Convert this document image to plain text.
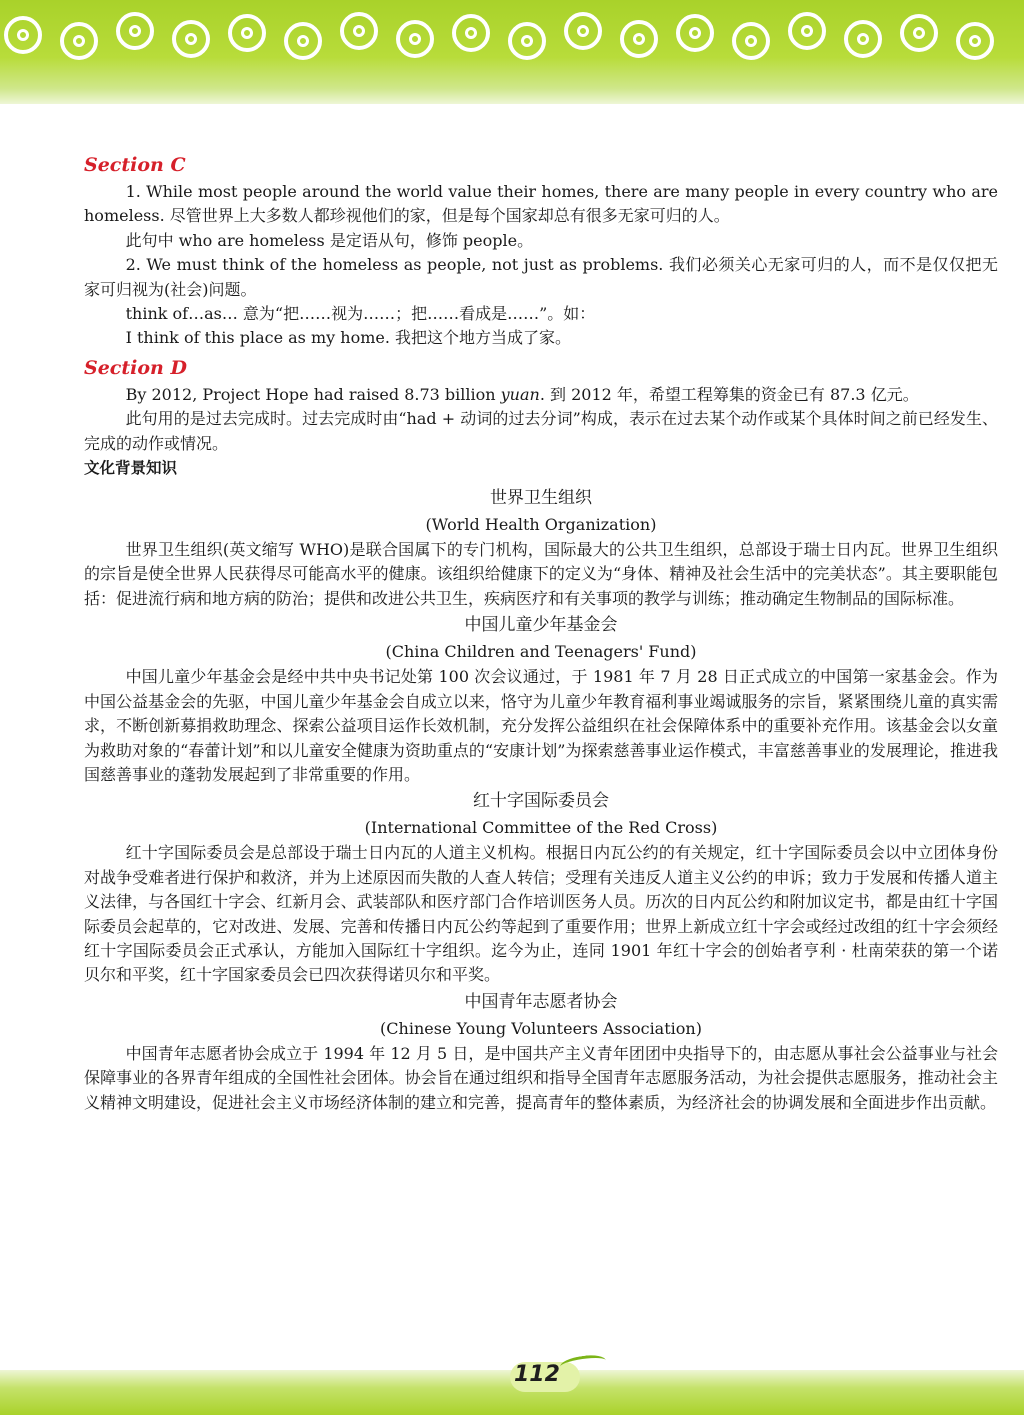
Section C

1. While most people around the world value their homes, there are many people in every country who are homeless. 尽管世界上大多数人都珍视他们的家，但是每个国家却总有很多无家可归的人。

此句中 who are homeless 是定语从句，修饰 people。

2. We must think of the homeless as people, not just as problems. 我们必须关心无家可归的人，而不是仅仅把无家可归视为(社会)问题。

think of…as… 意为“把……视为……；把……看成是……”。如：

I think of this place as my home. 我把这个地方当成了家。

Section D

By 2012, Project Hope had raised 8.73 billion yuan. 到 2012 年，希望工程筹集的资金已有 87.3 亿元。

此句用的是过去完成时。过去完成时由“had + 动词的过去分词”构成，表示在过去某个动作或某个具体时间之前已经发生、完成的动作或情况。

文化背景知识
世界卫生组织
(World Health Organization)

世界卫生组织(英文缩写 WHO)是联合国属下的专门机构，国际最大的公共卫生组织，总部设于瑞士日内瓦。世界卫生组织的宗旨是使全世界人民获得尽可能高水平的健康。该组织给健康下的定义为“身体、精神及社会生活中的完美状态”。其主要职能包括：促进流行病和地方病的防治；提供和改进公共卫生，疾病医疗和有关事项的教学与训练；推动确定生物制品的国际标准。

中国儿童少年基金会
(China Children and Teenagers' Fund)

中国儿童少年基金会是经中共中央书记处第 100 次会议通过，于 1981 年 7 月 28 日正式成立的中国第一家基金会。作为中国公益基金会的先驱，中国儿童少年基金会自成立以来，恪守为儿童少年教育福利事业竭诚服务的宗旨，紧紧围绕儿童的真实需求，不断创新募捐救助理念、探索公益项目运作长效机制，充分发挥公益组织在社会保障体系中的重要补充作用。该基金会以女童为救助对象的“春蕾计划”和以儿童安全健康为资助重点的“安康计划”为探索慈善事业运作模式，丰富慈善事业的发展理论，推进我国慈善事业的蓬勃发展起到了非常重要的作用。

红十字国际委员会
(International Committee of the Red Cross)

红十字国际委员会是总部设于瑞士日内瓦的人道主义机构。根据日内瓦公约的有关规定，红十字国际委员会以中立团体身份对战争受难者进行保护和救济，并为上述原因而失散的人查人转信；受理有关违反人道主义公约的申诉；致力于发展和传播人道主义法律，与各国红十字会、红新月会、武装部队和医疗部门合作培训医务人员。历次的日内瓦公约和附加议定书，都是由红十字国际委员会起草的，它对改进、发展、完善和传播日内瓦公约等起到了重要作用；世界上新成立红十字会或经过改组的红十字会须经红十字国际委员会正式承认，方能加入国际红十字组织。迄今为止，连同 1901 年红十字会的创始者亨利 · 杜南荣获的第一个诺贝尔和平奖，红十字国家委员会已四次获得诺贝尔和平奖。

中国青年志愿者协会
(Chinese Young Volunteers Association)

中国青年志愿者协会成立于 1994 年 12 月 5 日，是中国共产主义青年团团中央指导下的，由志愿从事社会公益事业与社会保障事业的各界青年组成的全国性社会团体。协会旨在通过组织和指导全国青年志愿服务活动，为社会提供志愿服务，推动社会主义精神文明建设，促进社会主义市场经济体制的建立和完善，提高青年的整体素质，为经济社会的协调发展和全面进步作出贡献。

112
